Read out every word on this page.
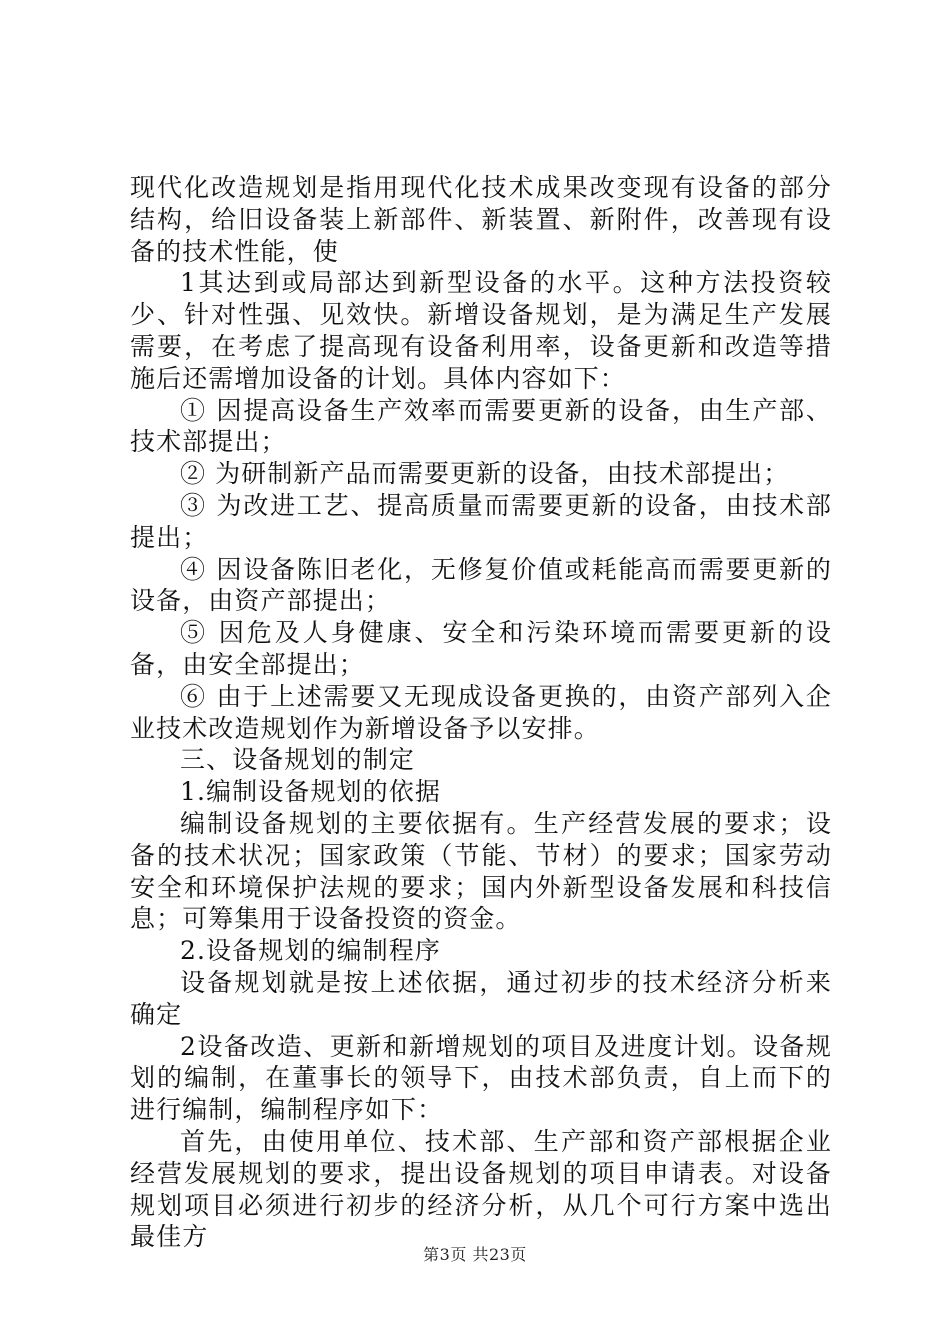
现代化改造规划是指用现代化技术成果改变现有设备的部分结构，给旧设备装上新部件、新装置、新附件，改善现有设备的技术性能，使

1其达到或局部达到新型设备的水平。这种方法投资较少、针对性强、见效快。新增设备规划，是为满足生产发展需要，在考虑了提高现有设备利用率，设备更新和改造等措施后还需增加设备的计划。具体内容如下：

① 因提高设备生产效率而需要更新的设备，由生产部、技术部提出；

② 为研制新产品而需要更新的设备，由技术部提出；

③ 为改进工艺、提高质量而需要更新的设备，由技术部提出；

④ 因设备陈旧老化，无修复价值或耗能高而需要更新的设备，由资产部提出；

⑤ 因危及人身健康、安全和污染环境而需要更新的设备，由安全部提出；

⑥ 由于上述需要又无现成设备更换的，由资产部列入企业技术改造规划作为新增设备予以安排。

三、设备规划的制定

1.编制设备规划的依据

编制设备规划的主要依据有。生产经营发展的要求；设备的技术状况；国家政策（节能、节材）的要求；国家劳动安全和环境保护法规的要求；国内外新型设备发展和科技信息；可筹集用于设备投资的资金。

2.设备规划的编制程序

设备规划就是按上述依据，通过初步的技术经济分析来确定

2设备改造、更新和新增规划的项目及进度计划。设备规划的编制，在董事长的领导下，由技术部负责，自上而下的进行编制，编制程序如下：

首先，由使用单位、技术部、生产部和资产部根据企业经营发展规划的要求，提出设备规划的项目申请表。对设备规划项目必须进行初步的经济分析，从几个可行方案中选出最佳方

第3页 共23页
